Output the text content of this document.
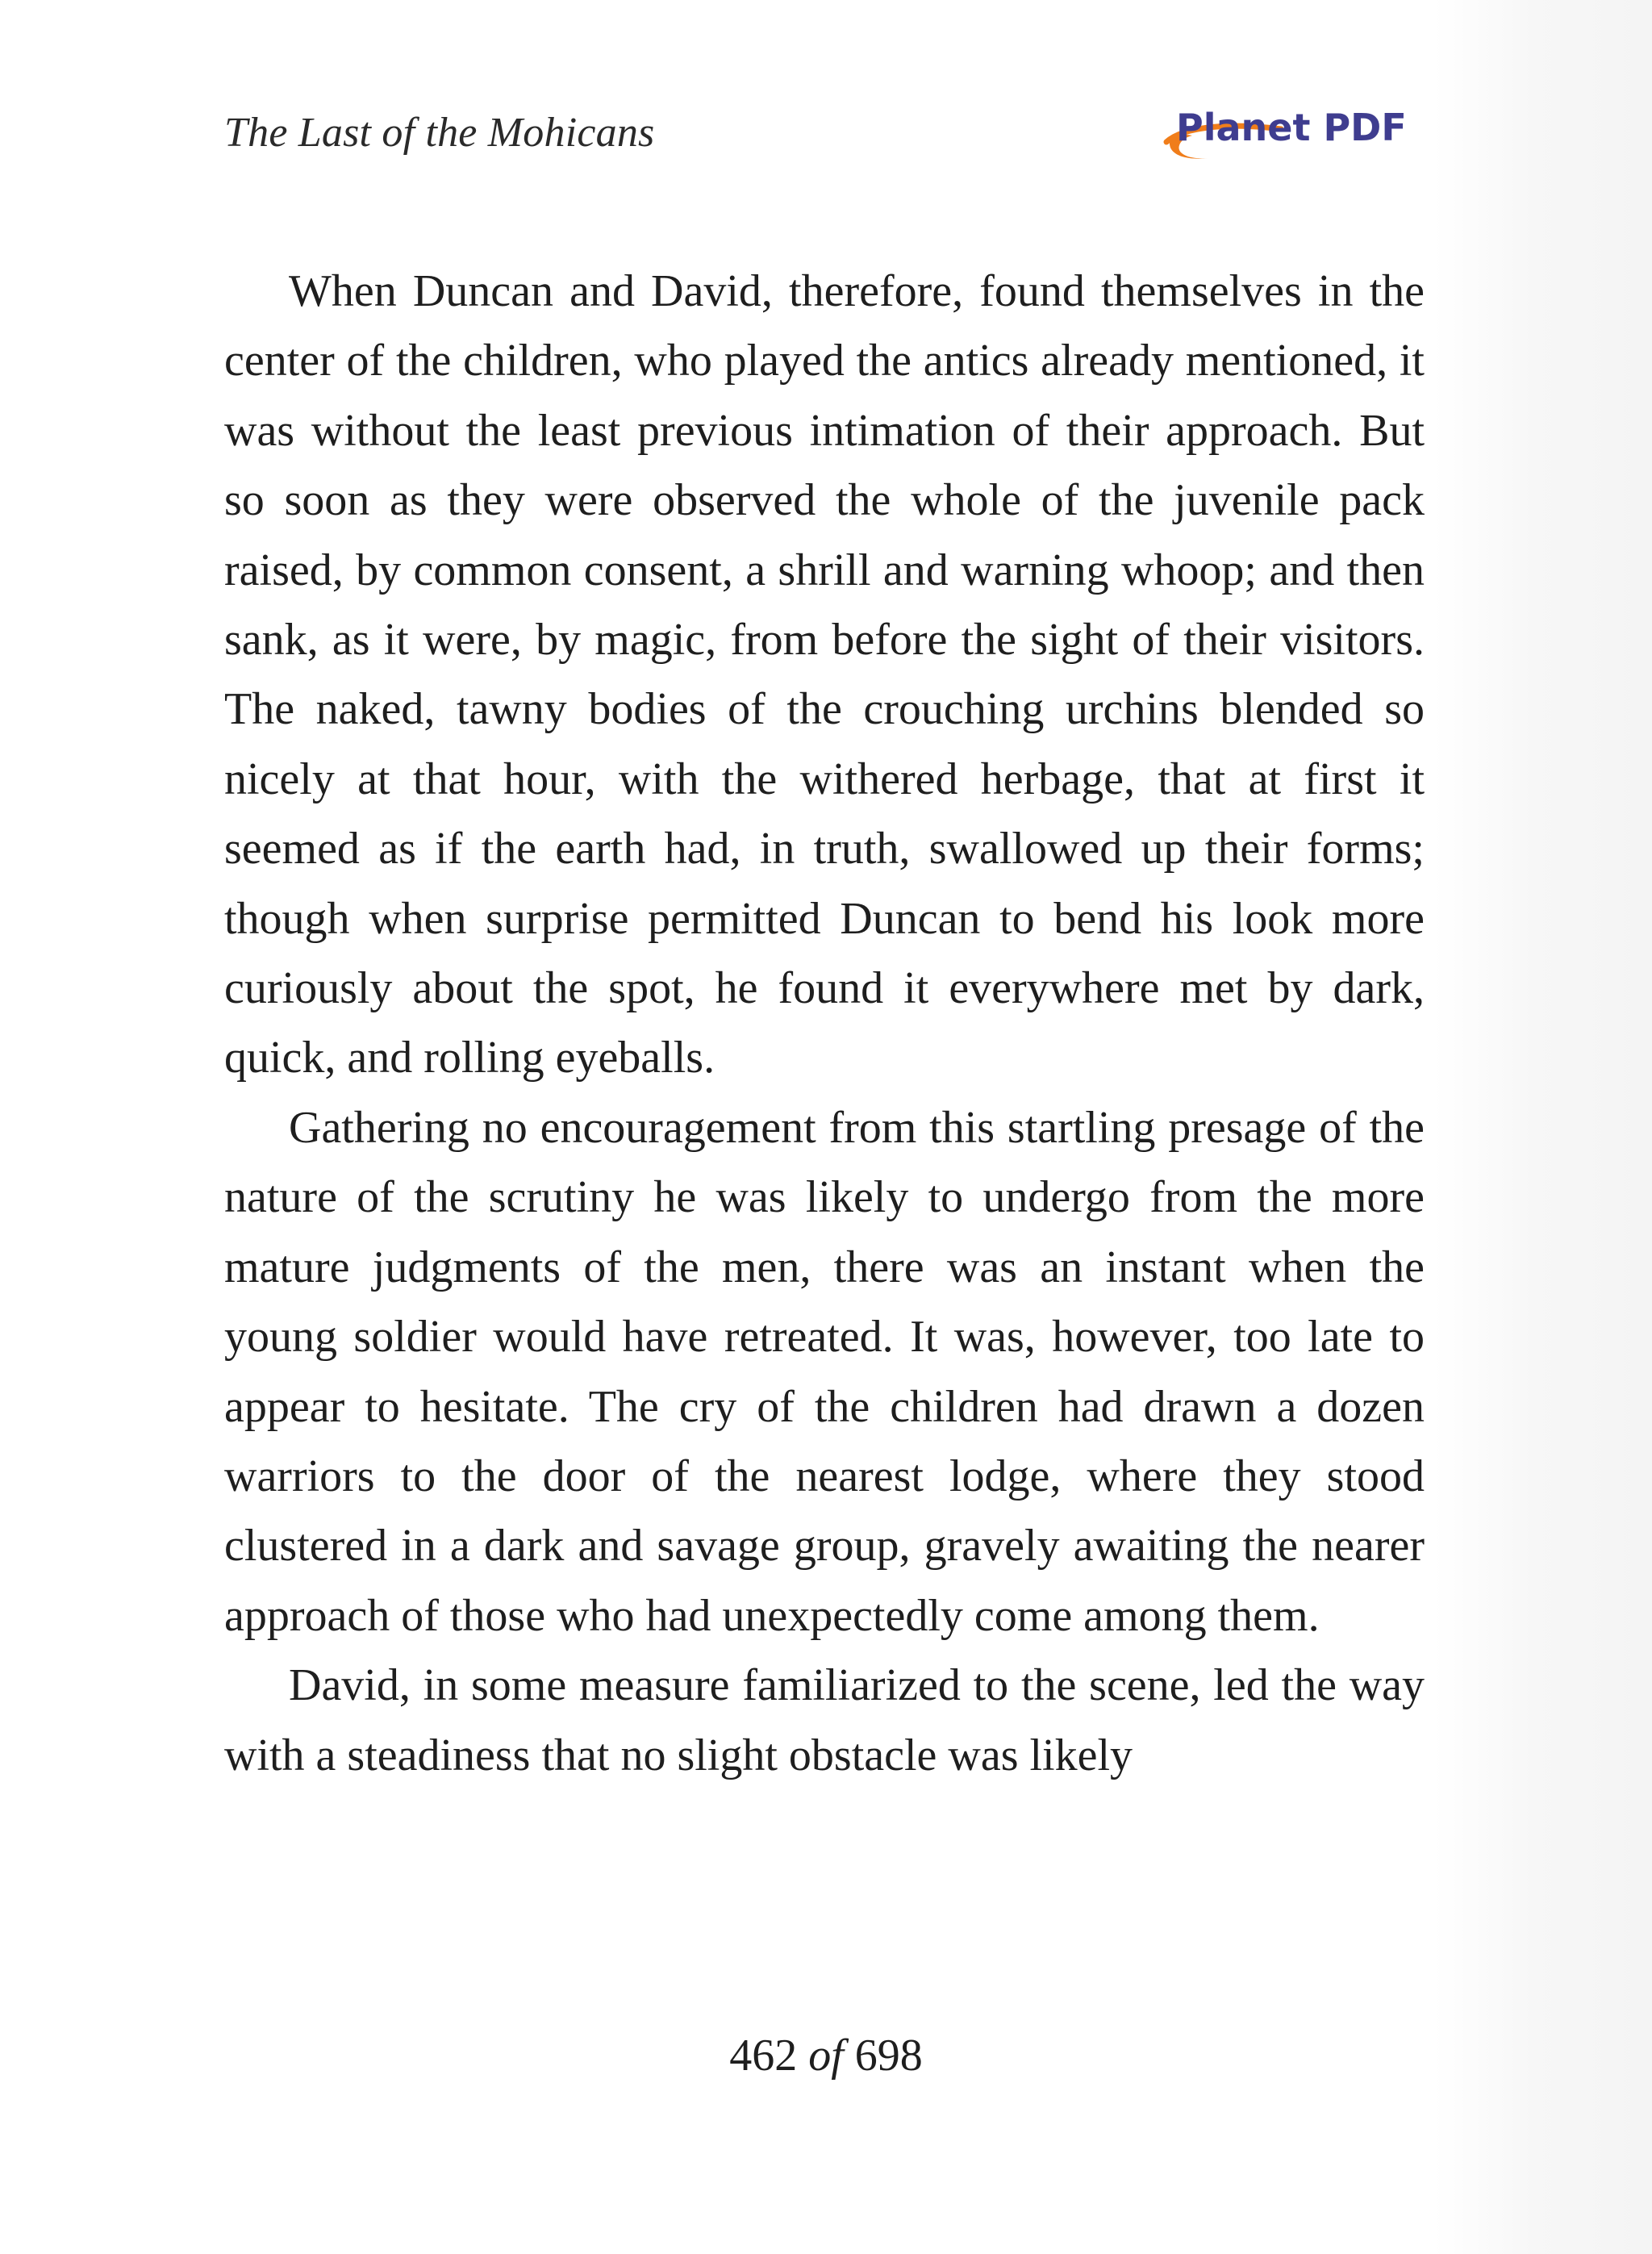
The Last of the Mohicans	Planet PDF

When Duncan and David, therefore, found themselves in the center of the children, who played the antics already mentioned, it was without the least previous intimation of their approach. But so soon as they were observed the whole of the juvenile pack raised, by common consent, a shrill and warning whoop; and then sank, as it were, by magic, from before the sight of their visitors. The naked, tawny bodies of the crouching urchins blended so nicely at that hour, with the withered herbage, that at first it seemed as if the earth had, in truth, swallowed up their forms; though when surprise permitted Duncan to bend his look more curiously about the spot, he found it everywhere met by dark, quick, and rolling eyeballs.

Gathering no encouragement from this startling presage of the nature of the scrutiny he was likely to undergo from the more mature judgments of the men, there was an instant when the young soldier would have retreated. It was, however, too late to appear to hesitate. The cry of the children had drawn a dozen warriors to the door of the nearest lodge, where they stood clustered in a dark and savage group, gravely awaiting the nearer approach of those who had unexpectedly come among them.

David, in some measure familiarized to the scene, led the way with a steadiness that no slight obstacle was likely

462 of 698
